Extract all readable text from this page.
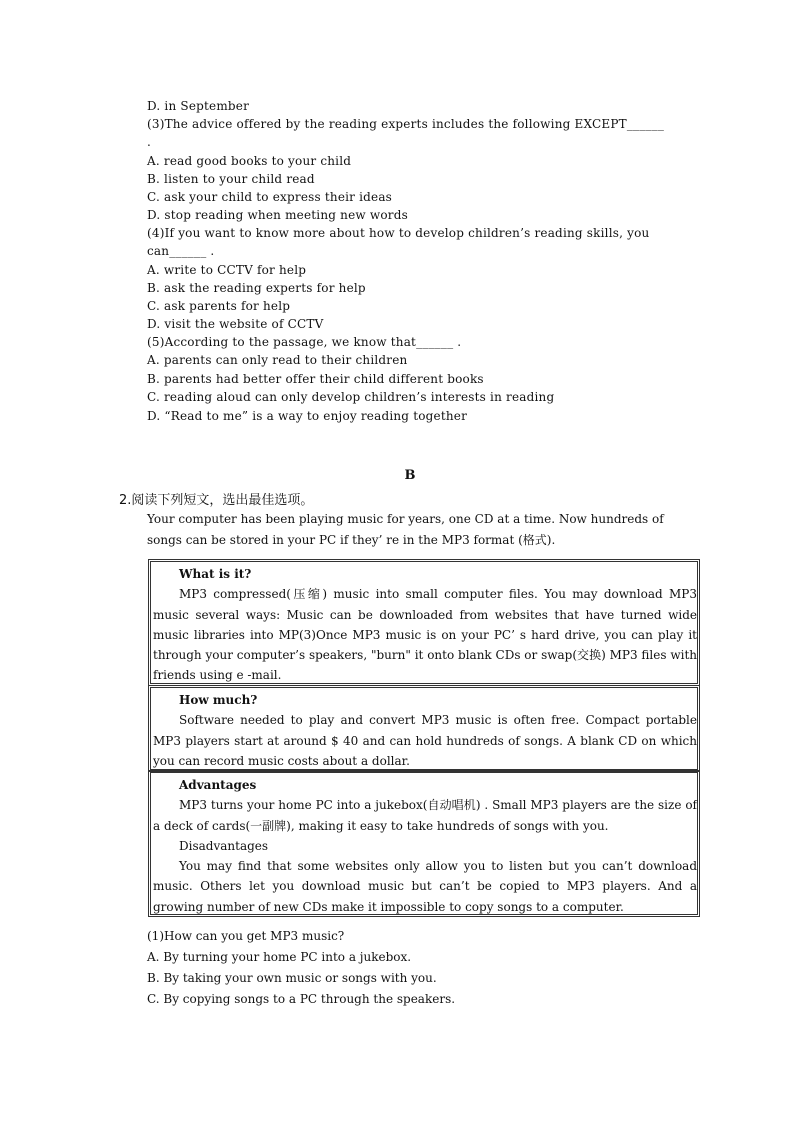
D. in September
(3)The advice offered by the reading experts includes the following EXCEPT______
.
A. read good books to your child
B. listen to your child read
C. ask your child to express their ideas
D. stop reading when meeting new words
(4)If you want to know more about how to develop children’s reading skills, you
can______ .
A. write to CCTV for help
B. ask the reading experts for help
C. ask parents for help
D. visit the website of CCTV
(5)According to the passage, we know that______ .
A. parents can only read to their children
B. parents had better offer their child different books
C. reading aloud can only develop children’s interests in reading
D. “Read to me” is a way to enjoy reading together
B
2.阅读下列短文，选出最佳选项。
Your computer has been playing music for years, one CD at a time. Now hundreds of songs can be stored in your PC if they’ re in the MP3 format (格式).
What is it?
MP3 compressed(压缩) music into small computer files. You may download MP3 music several ways: Music can be downloaded from websites that have turned wide music libraries into MP(3)Once MP3 music is on your PC’ s hard drive, you can play it through your computer’s speakers, "burn" it onto blank CDs or swap(交换) MP3 files with friends using e -mail.
How much?
Software needed to play and convert MP3 music is often free. Compact portable MP3 players start at around $ 40 and can hold hundreds of songs. A blank CD on which you can record music costs about a dollar.
Advantages
MP3 turns your home PC into a jukebox(自动唱机) . Small MP3 players are the size of a deck of cards(一副牌), making it easy to take hundreds of songs with you.
Disadvantages
You may find that some websites only allow you to listen but you can’t download music. Others let you download music but can’t be copied to MP3 players. And a growing number of new CDs make it impossible to copy songs to a computer.
(1)How can you get MP3 music?
A. By turning your home PC into a jukebox.
B. By taking your own music or songs with you.
C. By copying songs to a PC through the speakers.
